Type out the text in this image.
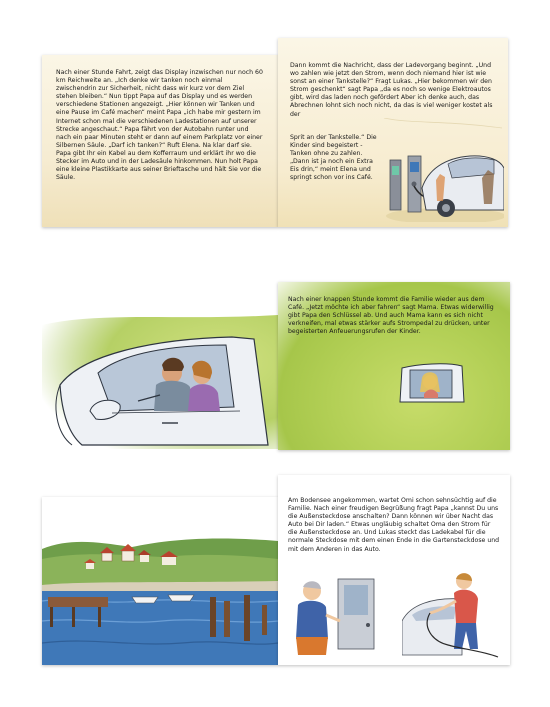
Nach einer Stunde Fahrt, zeigt das Display inzwischen nur noch 60 km Reichweite an. „Ich denke wir tanken noch einmal zwischendrin zur Sicherheit, nicht dass wir kurz vor dem Ziel stehen bleiben.“ Nun tippt Papa auf das Display und es werden verschiedene Stationen angezeigt. „Hier können wir Tanken und eine Pause im Café machen“ meint Papa „ich habe mir gestern im Internet schon mal die verschiedenen Ladestationen auf unserer Strecke angeschaut.“ Papa fährt von der Autobahn runter und nach ein paar Minuten steht er dann auf einem Parkplatz vor einer Silbernen Säule. „Darf ich tanken?“ Ruft Elena. Na klar darf sie. Papa gibt Ihr ein Kabel au dem Kofferraum und erklärt ihr wo die Stecker im Auto und in der Ladesäule hinkommen. Nun holt Papa eine kleine Plastikkarte aus seiner Brieftasche und hält Sie vor die Säule.
Dann kommt die Nachricht, dass der Ladevorgang beginnt. „Und wo zahlen wie jetzt den Strom, wenn doch niemand hier ist wie sonst an einer Tankstelle?“ Fragt Lukas. „Hier bekommen wir den Strom geschenkt“ sagt Papa „da es noch so wenige Elektroautos gibt, wird das laden noch gefördert Aber ich denke auch, das Abrechnen lohnt sich noch nicht, da das is viel weniger kostet als der
Sprit an der Tankstelle.“ Die Kinder sind begeistert - Tanken ohne zu zahlen. „Dann ist ja noch ein Extra Eis drin,“ meint Elena und springt schon vor ins Café.
Nach einer knappen Stunde kommt die Familie wieder aus dem Café. „Jetzt möchte ich aber fahren“ sagt Mama. Etwas widerwillig gibt Papa den Schlüssel ab. Und auch Mama kann es sich nicht verkneifen, mal etwas stärker aufs Strompedal zu drücken, unter begeisterten Anfeuerungsrufen der Kinder.
Am Bodensee angekommen, wartet Omi schon sehnsüchtig auf die Familie. Nach einer freudigen Begrüßung fragt Papa „kannst Du uns die Außensteckdose anschalten? Dann können wir über Nacht das Auto bei Dir laden.“ Etwas ungläubig schaltet Oma den Strom für die Außensteckdose an. Und Lukas steckt das Ladekabel für die normale Steckdose mit dem einen Ende in die Gartensteckdose und mit dem Anderen in das Auto.
